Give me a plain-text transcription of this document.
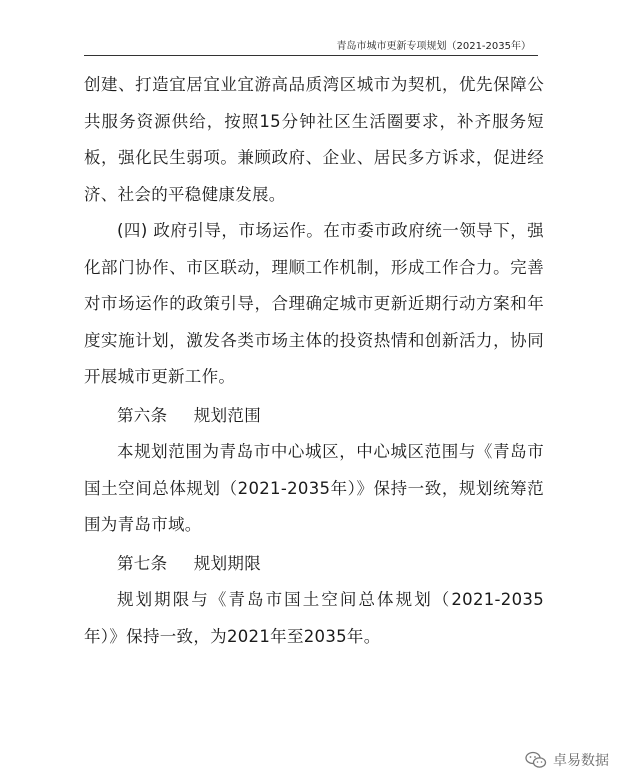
青岛市城市更新专项规划（2021-2035年）

创建、打造宜居宜业宜游高品质湾区城市为契机，优先保障公共服务资源供给，按照15分钟社区生活圈要求，补齐服务短板，强化民生弱项。兼顾政府、企业、居民多方诉求，促进经济、社会的平稳健康发展。

(四) 政府引导，市场运作。在市委市政府统一领导下，强化部门协作、市区联动，理顺工作机制，形成工作合力。完善对市场运作的政策引导，合理确定城市更新近期行动方案和年度实施计划，激发各类市场主体的投资热情和创新活力，协同开展城市更新工作。

第六条 规划范围

本规划范围为青岛市中心城区，中心城区范围与《青岛市国土空间总体规划（2021-2035年）》保持一致，规划统筹范围为青岛市域。

第七条 规划期限

规划期限与《青岛市国土空间总体规划（2021-2035年）》保持一致，为2021年至2035年。

卓易数据
